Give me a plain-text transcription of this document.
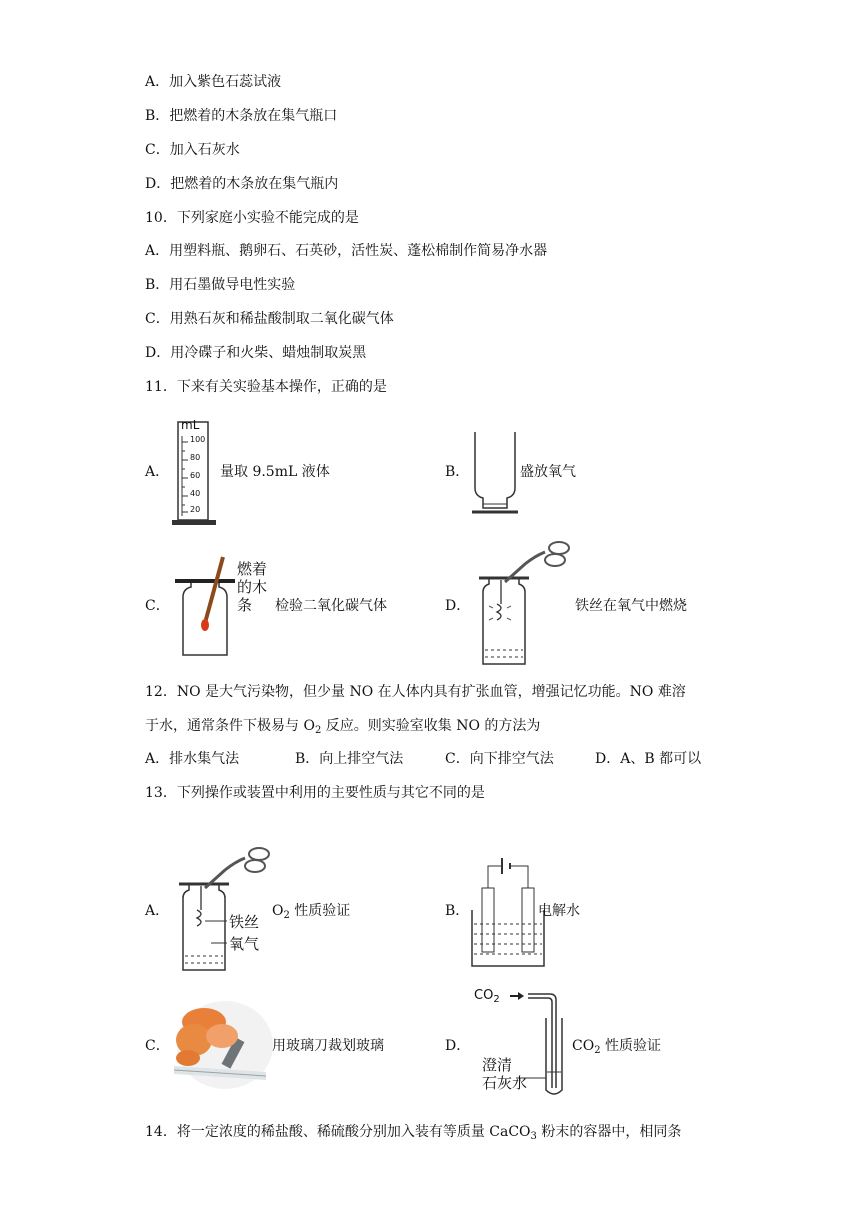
A．加入紫色石蕊试液
B．把燃着的木条放在集气瓶口
C．加入石灰水
D．把燃着的木条放在集气瓶内
10．下列家庭小实验不能完成的是
A．用塑料瓶、鹅卵石、石英砂，活性炭、蓬松棉制作简易净水器
B．用石墨做导电性实验
C．用熟石灰和稀盐酸制取二氧化碳气体
D．用冷碟子和火柴、蜡烛制取炭黑
11．下来有关实验基本操作，正确的是
A．
mL
100
80
60
40
20
量取 9.5mL 液体	B．	盛放氧气
C．
燃着
的木
条 检验二氧化碳气体	D．	铁丝在氧气中燃烧
12．NO 是大气污染物，但少量 NO 在人体内具有扩张血管，增强记忆功能。NO 难溶
于水，通常条件下极易与 $O_2$ 反应。则实验室收集 NO 的方法为
A．排水集气法	B．向上排空气法	C．向下排空气法	D．A、B 都可以
13．下列操作或装置中利用的主要性质与其它不同的是
A．
铁丝
氧气
$O_2$ 性质验证	B．	电解水
C．	用玻璃刀裁划玻璃	D．
$CO_2$
澄清
石灰水
$CO_2$ 性质验证
14．将一定浓度的稀盐酸、稀硫酸分别加入装有等质量 CaCO$_3$ 粉末的容器中，相同条
